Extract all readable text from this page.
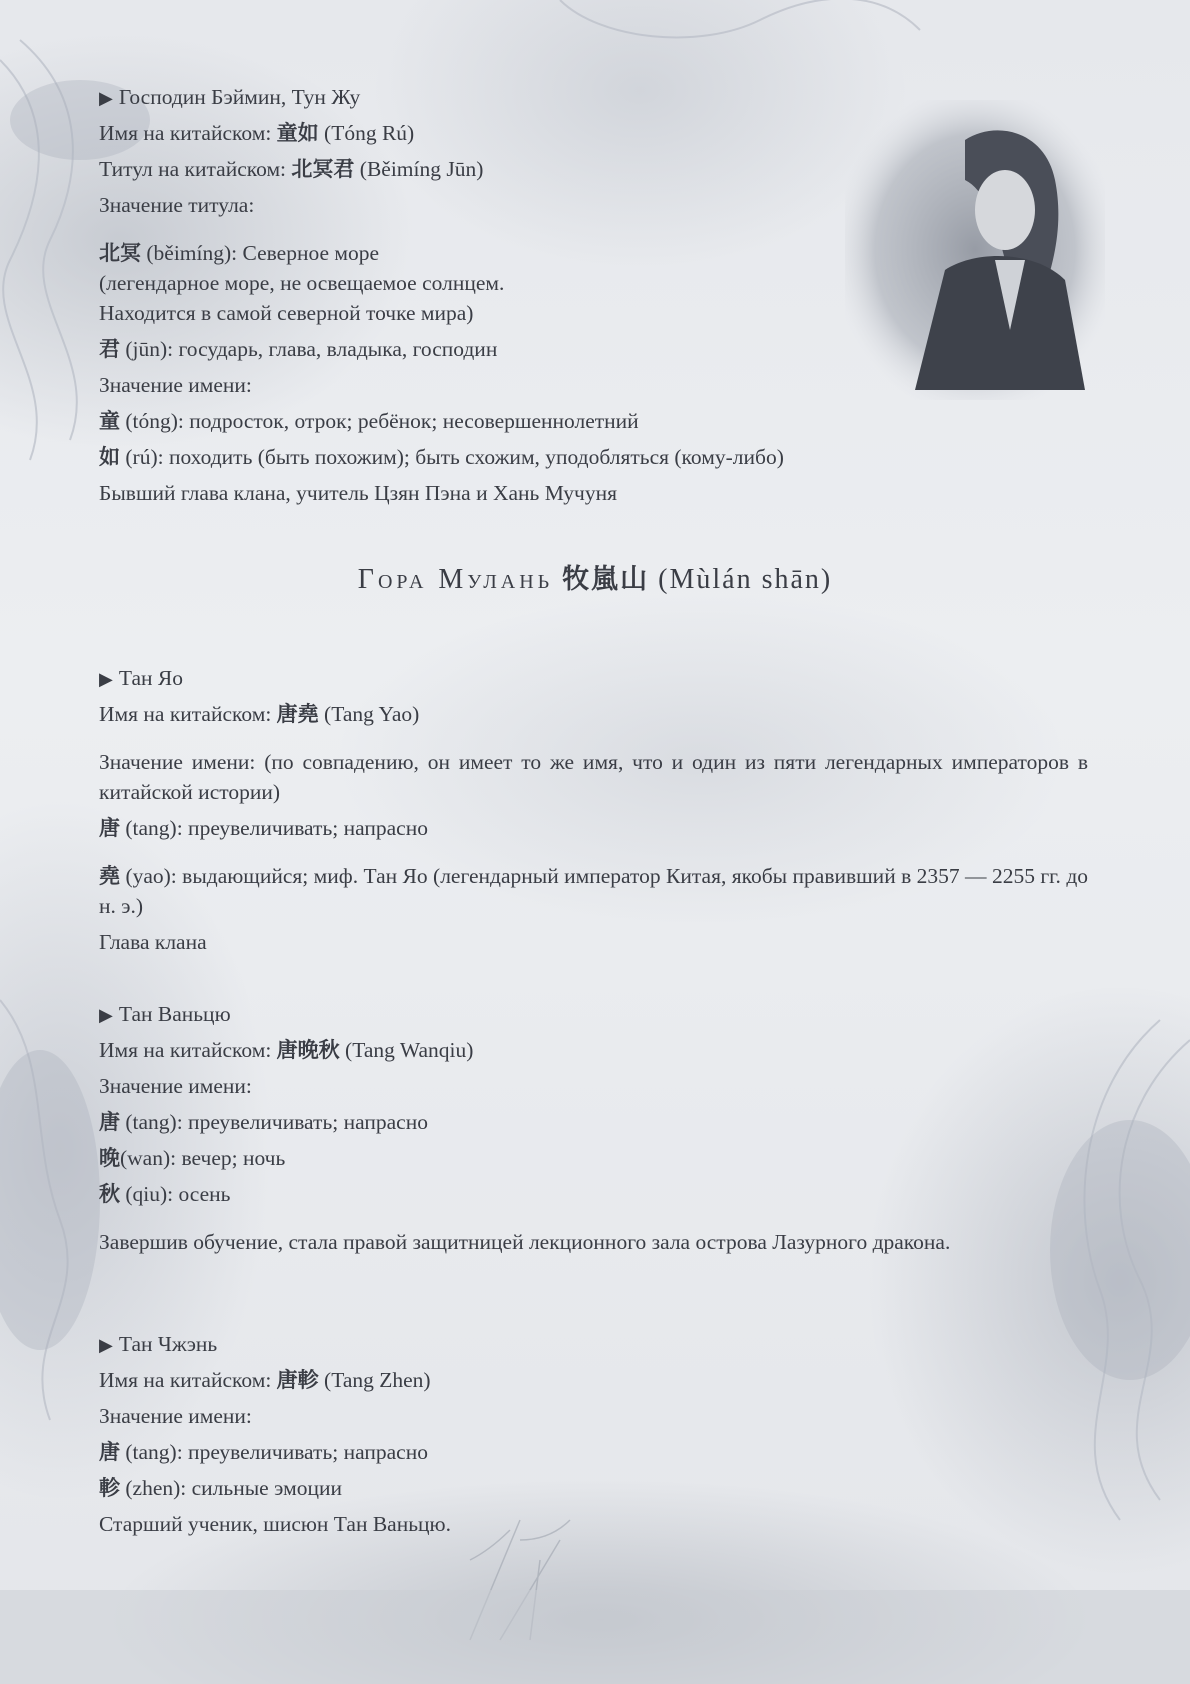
▶ Господин Бэймин, Тун Жу
Имя на китайском: 童如 (Tóng Rú)
Титул на китайском: 北冥君 (Běimíng Jūn)
Значение титула:
北冥 (běimíng): Северное море
(легендарное море, не освещаемое солнцем.
Находится в самой северной точке мира)
君 (jūn): государь, глава, владыка, господин
Значение имени:
童 (tóng): подросток, отрок; ребёнок; несовершеннолетний
如 (rú): походить (быть похожим); быть схожим, уподобляться (кому-либо)
Бывший глава клана, учитель Цзян Пэна и Хань Мучуня
Гора Мулань 牧嵐山 (Mùlán shān)
▶ Тан Яо
Имя на китайском: 唐堯 (Tang Yao)
Значение имени: (по совпадению, он имеет то же имя, что и один из пяти легендарных императоров в китайской истории)
唐 (tang): преувеличивать; напрасно
堯 (yao): выдающийся; миф. Тан Яо (легендарный император Китая, якобы правивший в 2357 — 2255 гг. до н. э.)
Глава клана
▶ Тан Ваньцю
Имя на китайском: 唐晚秋 (Tang Wanqiu)
Значение имени:
唐 (tang): преувеличивать; напрасно
晚(wan): вечер; ночь
秋 (qiu): осень
Завершив обучение, стала правой защитницей лекционного зала острова Лазурного дракона.
▶ Тан Чжэнь
Имя на китайском: 唐軫 (Tang Zhen)
Значение имени:
唐 (tang): преувеличивать; напрасно
軫 (zhen): сильные эмоции
Старший ученик, шисюн Тан Ваньцю.
